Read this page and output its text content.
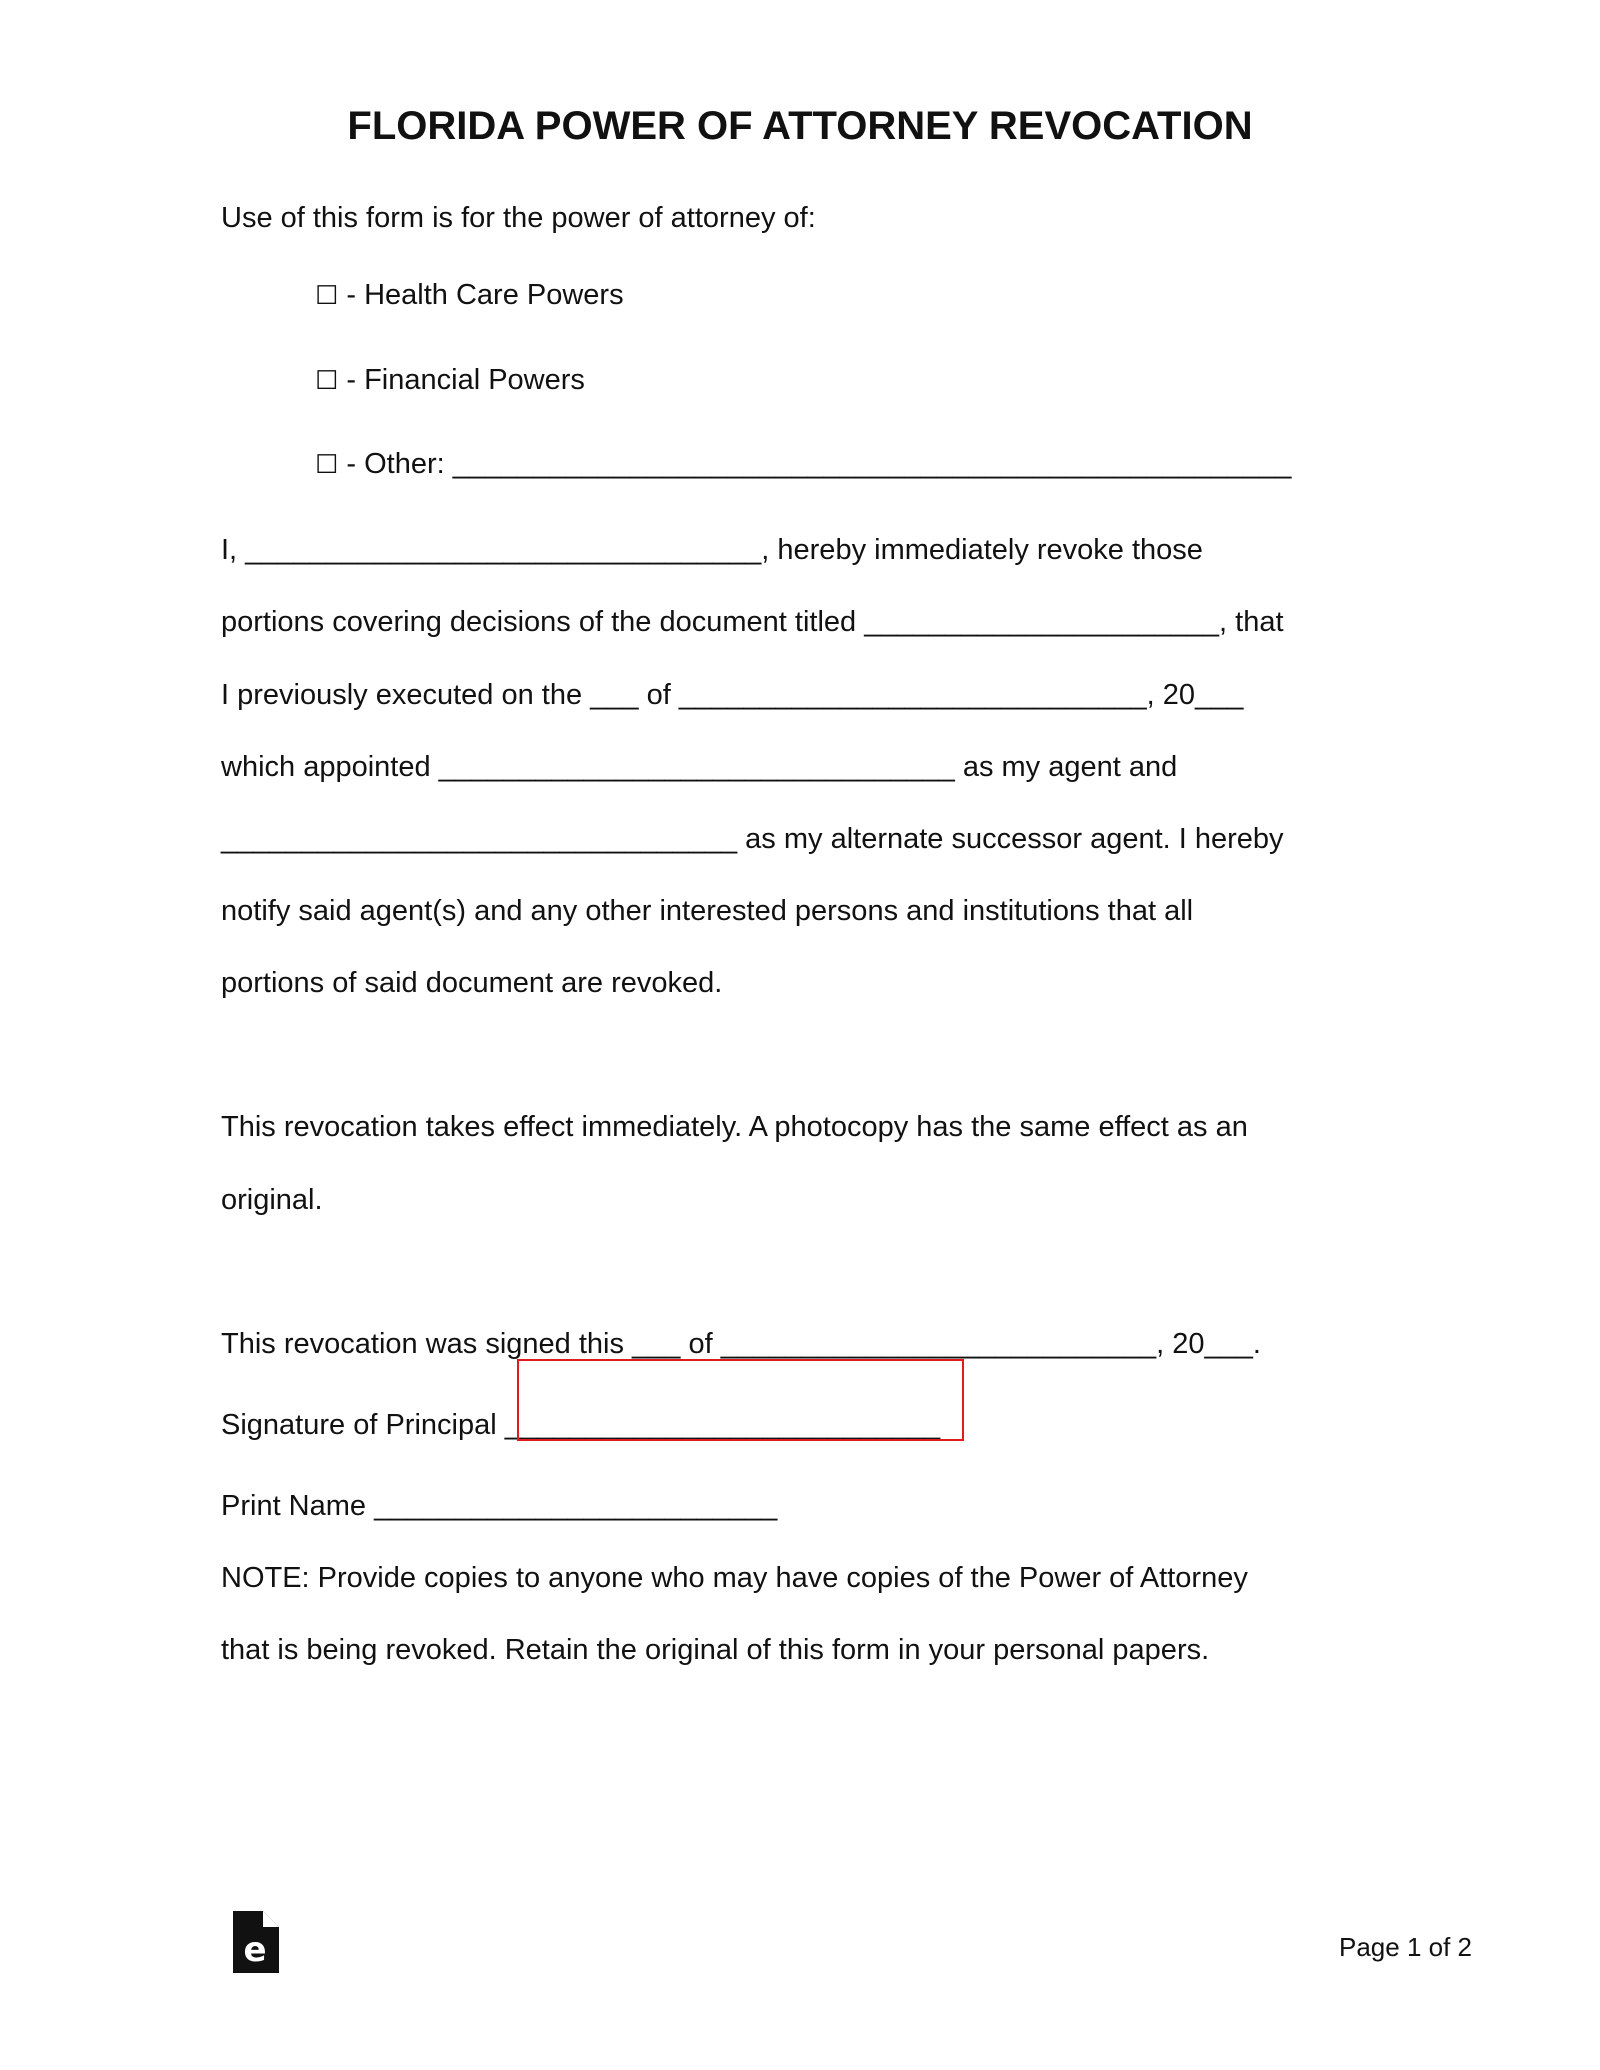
FLORIDA POWER OF ATTORNEY REVOCATION
Use of this form is for the power of attorney of:
☐ - Health Care Powers
☐ - Financial Powers
☐ - Other: ____________________________________________________
I, ________________________________, hereby immediately revoke those
portions covering decisions of the document titled ______________________, that
I previously executed on the ___ of _____________________________, 20___
which appointed ________________________________ as my agent and
________________________________ as my alternate successor agent. I hereby
notify said agent(s) and any other interested persons and institutions that all
portions of said document are revoked.
This revocation takes effect immediately. A photocopy has the same effect as an
original.
This revocation was signed this ___ of ___________________________, 20___.
Signature of Principal ___________________________
Print Name _________________________
NOTE: Provide copies to anyone who may have copies of the Power of Attorney
that is being revoked. Retain the original of this form in your personal papers.
e	Page 1 of 2
